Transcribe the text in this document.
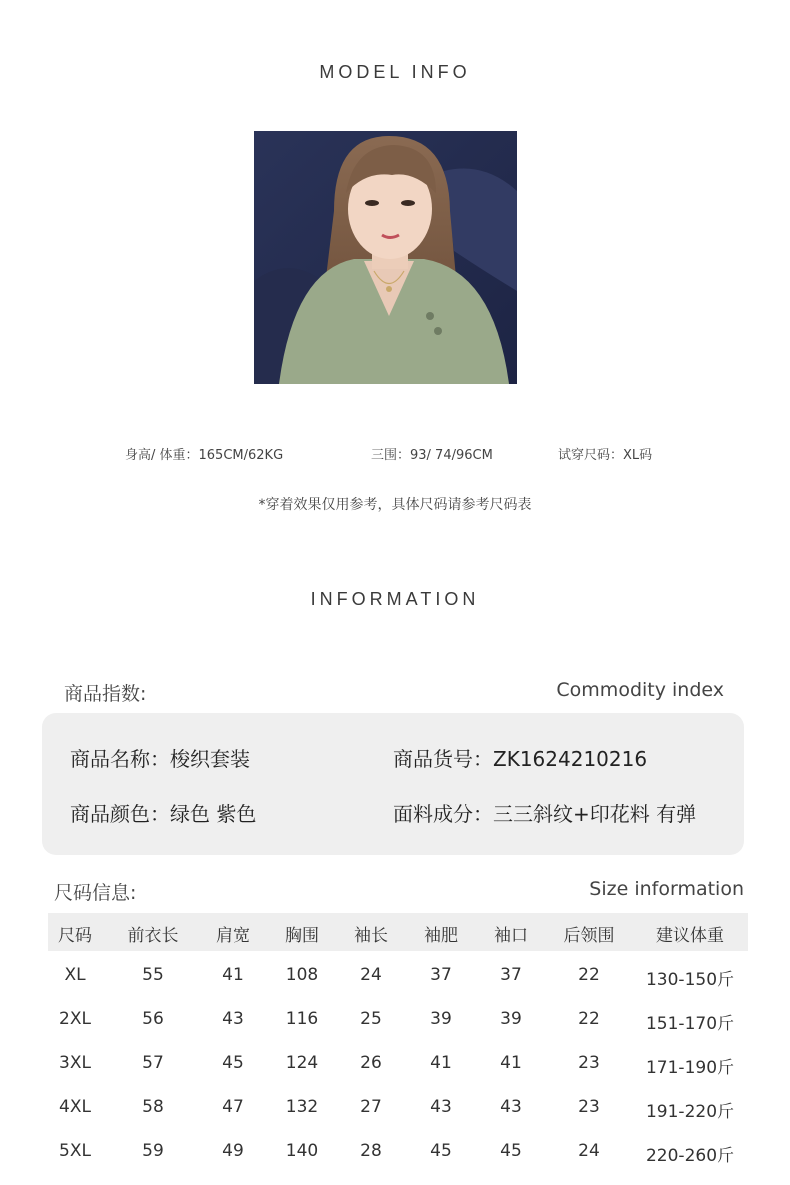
MODEL INFO
身高/ 体重：165CM/62KG	三围：93/ 74/96CM	试穿尺码：XL码
*穿着效果仅用参考，具体尺码请参考尺码表
INFORMATION
商品指数:	Commodity index
商品名称：梭织套装	商品货号：ZK1624210216
商品颜色：绿色 紫色	面料成分：三三斜纹+印花料 有弹
尺码信息:	Size information
尺码 前衣长 肩宽 胸围 袖长 袖肥 袖口 后领围 建议体重
XL	55	41 108 24	37	37	22	130-150斤
2XL	56	43 116 25	39	39	22	151-170斤
3XL	57	45 124 26	41	41	23	171-190斤
4XL	58	47 132 27	43	43	23	191-220斤
5XL	59	49 140 28	45	45	24	220-260斤
